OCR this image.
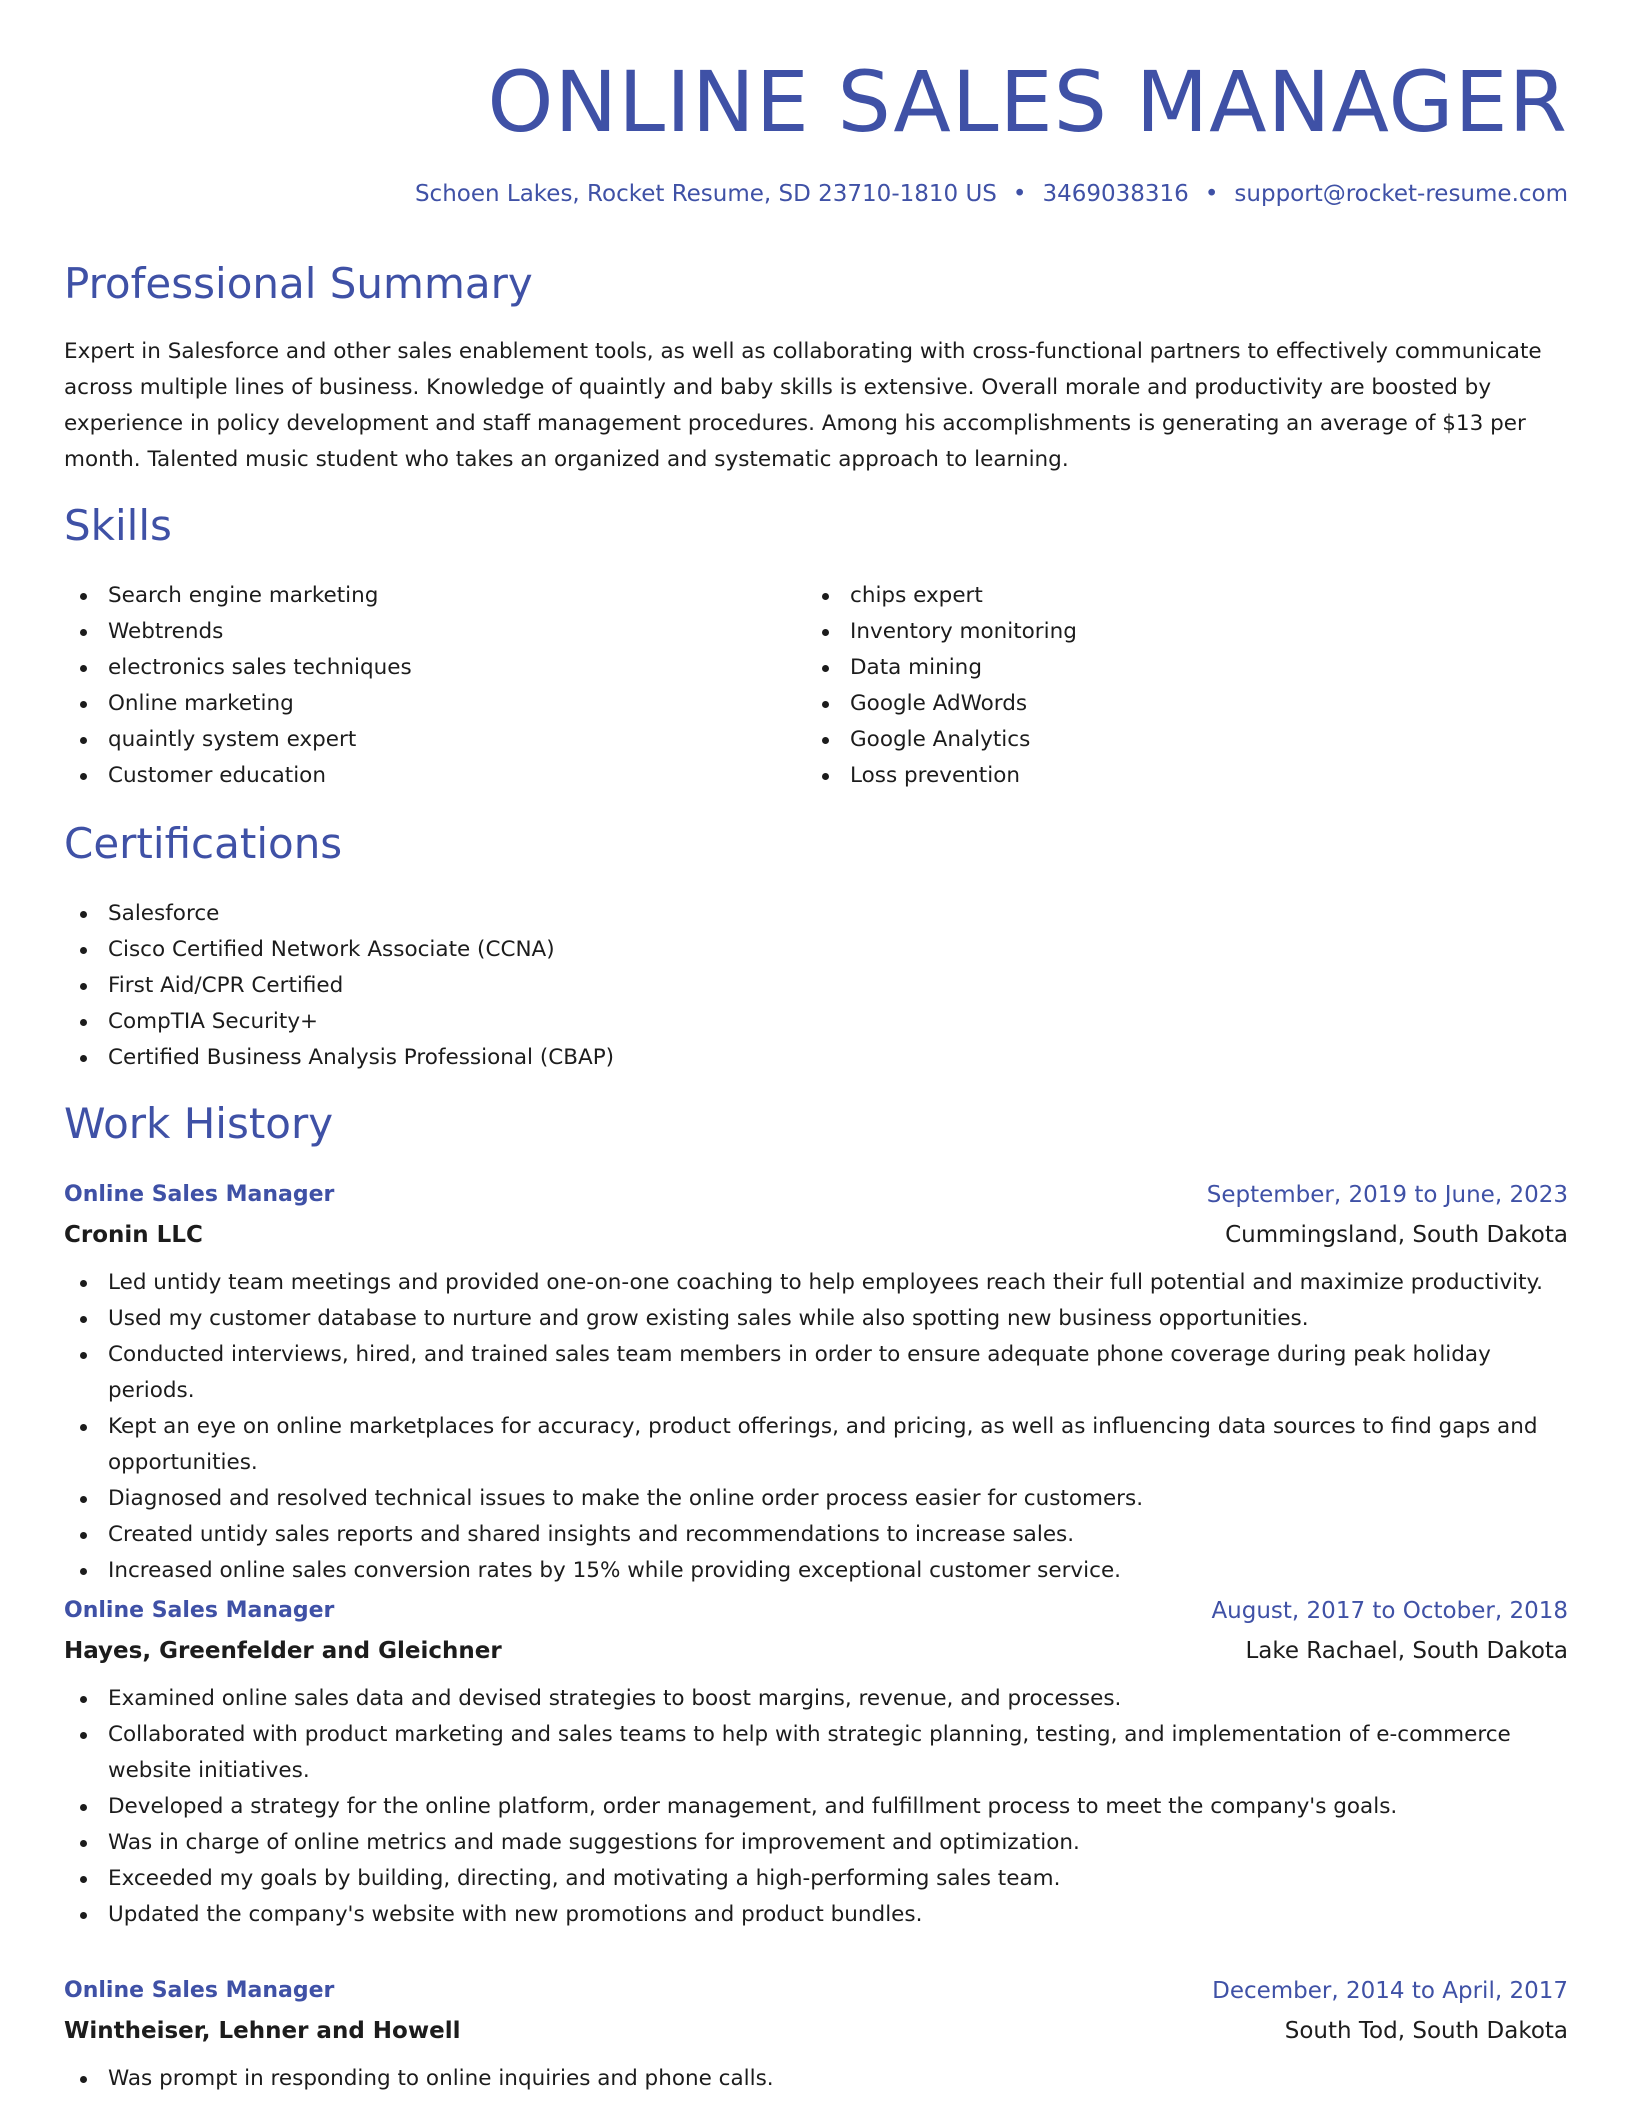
ONLINE SALES MANAGER
Schoen Lakes, Rocket Resume, SD 23710-1810 US • 3469038316 • support@rocket-resume.com
Professional Summary

Expert in Salesforce and other sales enablement tools, as well as collaborating with cross-functional partners to effectively communicate across multiple lines of business. Knowledge of quaintly and baby skills is extensive. Overall morale and productivity are boosted by experience in policy development and staff management procedures. Among his accomplishments is generating an average of $13 per month. Talented music student who takes an organized and systematic approach to learning.

Skills
Search engine marketing
Webtrends
electronics sales techniques
Online marketing
quaintly system expert
Customer education
chips expert
Inventory monitoring
Data mining
Google AdWords
Google Analytics
Loss prevention
Certifications
Salesforce
Cisco Certified Network Associate (CCNA)
First Aid/CPR Certified
CompTIA Security+
Certified Business Analysis Professional (CBAP)
Work History
Online Sales Manager	September, 2019 to June, 2023
Cronin LLC	Cummingsland, South Dakota
Led untidy team meetings and provided one-on-one coaching to help employees reach their full potential and maximize productivity.
Used my customer database to nurture and grow existing sales while also spotting new business opportunities.
Conducted interviews, hired, and trained sales team members in order to ensure adequate phone coverage during peak holiday periods.
Kept an eye on online marketplaces for accuracy, product offerings, and pricing, as well as influencing data sources to find gaps and opportunities.
Diagnosed and resolved technical issues to make the online order process easier for customers.
Created untidy sales reports and shared insights and recommendations to increase sales.
Increased online sales conversion rates by 15% while providing exceptional customer service.
Online Sales Manager	August, 2017 to October, 2018
Hayes, Greenfelder and Gleichner	Lake Rachael, South Dakota
Examined online sales data and devised strategies to boost margins, revenue, and processes.
Collaborated with product marketing and sales teams to help with strategic planning, testing, and implementation of e-commerce website initiatives.
Developed a strategy for the online platform, order management, and fulfillment process to meet the company's goals.
Was in charge of online metrics and made suggestions for improvement and optimization.
Exceeded my goals by building, directing, and motivating a high-performing sales team.
Updated the company's website with new promotions and product bundles.
Online Sales Manager	December, 2014 to April, 2017
Wintheiser, Lehner and Howell	South Tod, South Dakota
Was prompt in responding to online inquiries and phone calls.
